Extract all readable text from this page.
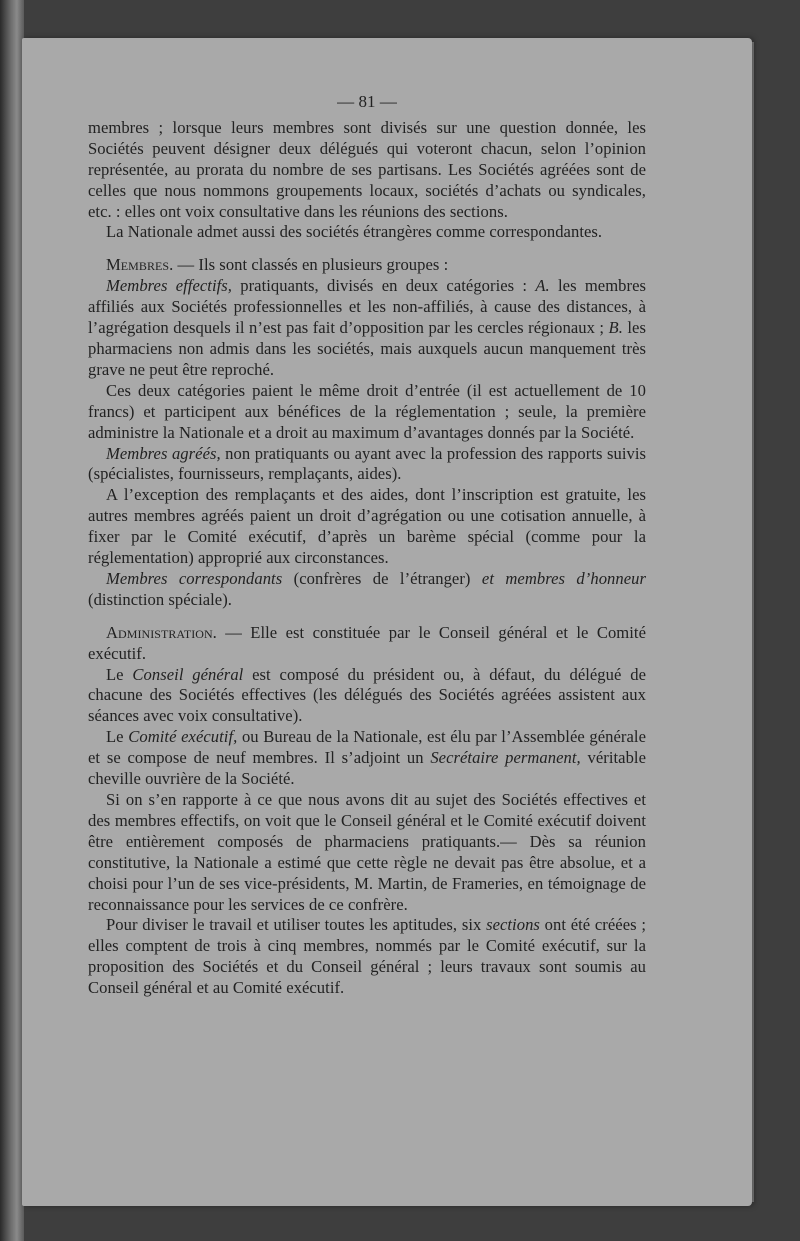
— 81 —

membres ; lorsque leurs membres sont divisés sur une question donnée, les Sociétés peuvent désigner deux délégués qui voteront chacun, selon l’opinion représentée, au prorata du nombre de ses partisans. Les Sociétés agréées sont de celles que nous nommons groupements locaux, sociétés d’achats ou syndicales, etc. : elles ont voix consultative dans les réunions des sections.

La Nationale admet aussi des sociétés étrangères comme correspondantes.

Membres. — Ils sont classés en plusieurs groupes :

Membres effectifs, pratiquants, divisés en deux catégories : A. les membres affiliés aux Sociétés professionnelles et les non-affiliés, à cause des distances, à l’agrégation desquels il n’est pas fait d’opposition par les cercles régionaux ; B. les pharmaciens non admis dans les sociétés, mais auxquels aucun manquement très grave ne peut être reproché.

Ces deux catégories paient le même droit d’entrée (il est actuellement de 10 francs) et participent aux bénéfices de la réglementation ; seule, la première administre la Nationale et a droit au maximum d’avantages donnés par la Société.

Membres agréés, non pratiquants ou ayant avec la profession des rapports suivis (spécialistes, fournisseurs, remplaçants, aides).

A l’exception des remplaçants et des aides, dont l’inscription est gratuite, les autres membres agréés paient un droit d’agrégation ou une cotisation annuelle, à fixer par le Comité exécutif, d’après un barème spécial (comme pour la réglementation) approprié aux circonstances.

Membres correspondants (confrères de l’étranger) et membres d’honneur (distinction spéciale).

Administration. — Elle est constituée par le Conseil général et le Comité exécutif.

Le Conseil général est composé du président ou, à défaut, du délégué de chacune des Sociétés effectives (les délégués des Sociétés agréées assistent aux séances avec voix consultative).

Le Comité exécutif, ou Bureau de la Nationale, est élu par l’Assemblée générale et se compose de neuf membres. Il s’adjoint un Secrétaire permanent, véritable cheville ouvrière de la Société.

Si on s’en rapporte à ce que nous avons dit au sujet des Sociétés effectives et des membres effectifs, on voit que le Conseil général et le Comité exécutif doivent être entièrement composés de pharmaciens pratiquants.— Dès sa réunion constitutive, la Nationale a estimé que cette règle ne devait pas être absolue, et a choisi pour l’un de ses vice-présidents, M. Martin, de Frameries, en témoignage de reconnaissance pour les services de ce confrère.

Pour diviser le travail et utiliser toutes les aptitudes, six sections ont été créées ; elles comptent de trois à cinq membres, nommés par le Comité exécutif, sur la proposition des Sociétés et du Conseil général ; leurs travaux sont soumis au Conseil général et au Comité exécutif.
